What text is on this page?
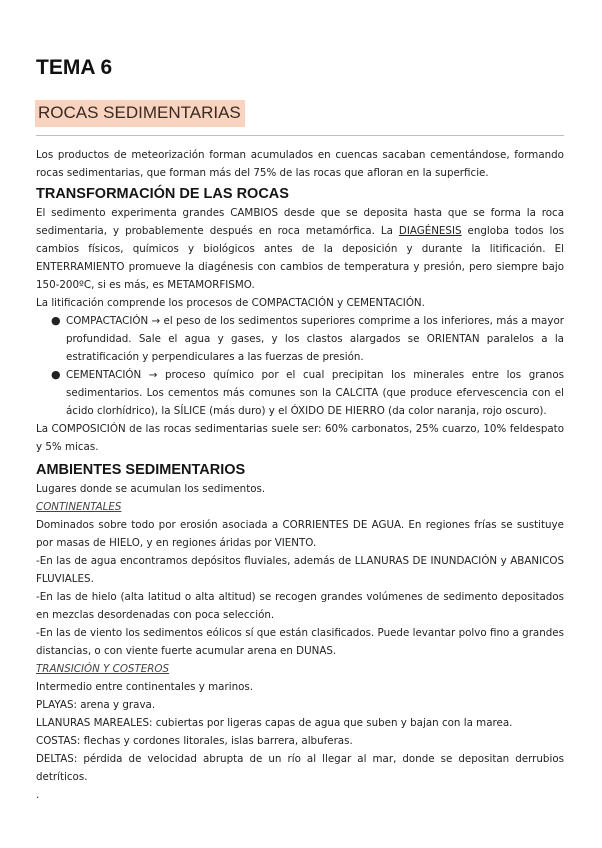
TEMA 6
ROCAS SEDIMENTARIAS

Los productos de meteorización forman acumulados en cuencas sacaban cementándose, formando rocas sedimentarias, que forman más del 75% de las rocas que afloran en la superficie.

TRANSFORMACIÓN DE LAS ROCAS

El sedimento experimenta grandes CAMBIOS desde que se deposita hasta que se forma la roca sedimentaria, y probablemente después en roca metamórfica. La DIAGÉNESIS engloba todos los cambios físicos, químicos y biológicos antes de la deposición y durante la litificación. El ENTERRAMIENTO promueve la diagénesis con cambios de temperatura y presión, pero siempre bajo 150-200ºC, si es más, es METAMORFISMO.

La litificación comprende los procesos de COMPACTACIÓN y CEMENTACIÓN.

● COMPACTACIÓN → el peso de los sedimentos superiores comprime a los inferiores, más a mayor profundidad. Sale el agua y gases, y los clastos alargados se ORIENTAN paralelos a la estratificación y perpendiculares a las fuerzas de presión.
● CEMENTACIÓN → proceso químico por el cual precipitan los minerales entre los granos sedimentarios. Los cementos más comunes son la CALCITA (que produce efervescencia con el ácido clorhídrico), la SÍLICE (más duro) y el ÓXIDO DE HIERRO (da color naranja, rojo oscuro).

La COMPOSICIÓN de las rocas sedimentarias suele ser: 60% carbonatos, 25% cuarzo, 10% feldespato y 5% micas.

AMBIENTES SEDIMENTARIOS

Lugares donde se acumulan los sedimentos.

CONTINENTALES

Dominados sobre todo por erosión asociada a CORRIENTES DE AGUA. En regiones frías se sustituye por masas de HIELO, y en regiones áridas por VIENTO.

-En las de agua encontramos depósitos fluviales, además de LLANURAS DE INUNDACIÓN y ABANICOS FLUVIALES.

-En las de hielo (alta latitud o alta altitud) se recogen grandes volúmenes de sedimento depositados en mezclas desordenadas con poca selección.

-En las de viento los sedimentos eólicos sí que están clasificados. Puede levantar polvo fino a grandes distancias, o con viente fuerte acumular arena en DUNAS.

TRANSICIÓN Y COSTEROS

Intermedio entre continentales y marinos.

PLAYAS: arena y grava.

LLANURAS MAREALES: cubiertas por ligeras capas de agua que suben y bajan con la marea.

COSTAS: flechas y cordones litorales, islas barrera, albuferas.

DELTAS: pérdida de velocidad abrupta de un río al llegar al mar, donde se depositan derrubios detríticos.

.
